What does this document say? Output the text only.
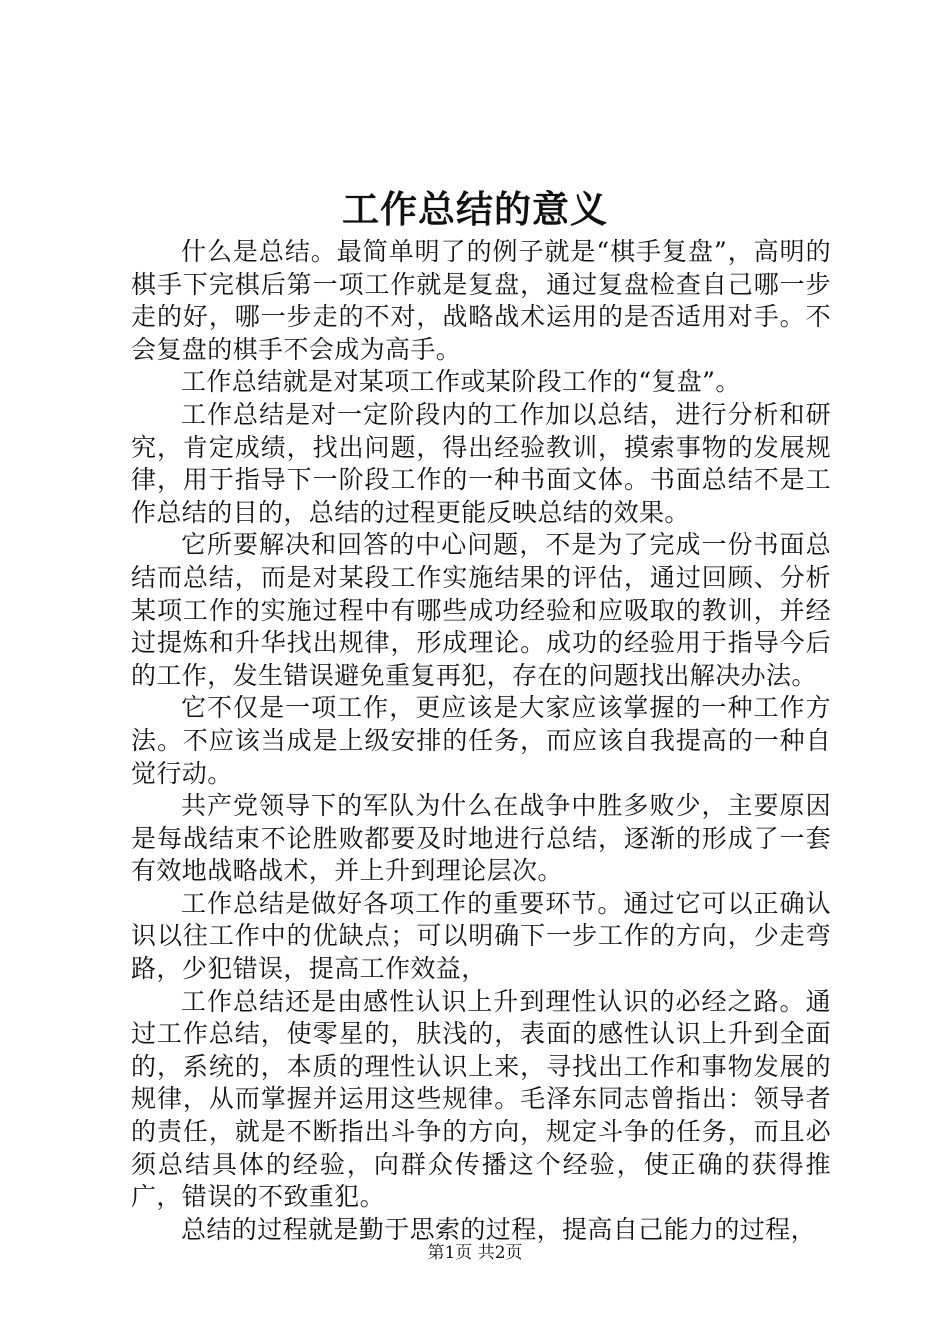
工作总结的意义

什么是总结。最简单明了的例子就是“棋手复盘”，高明的棋手下完棋后第一项工作就是复盘，通过复盘检查自己哪一步走的好，哪一步走的不对，战略战术运用的是否适用对手。不会复盘的棋手不会成为高手。

工作总结就是对某项工作或某阶段工作的“复盘”。

工作总结是对一定阶段内的工作加以总结，进行分析和研究，肯定成绩，找出问题，得出经验教训，摸索事物的发展规律，用于指导下一阶段工作的一种书面文体。书面总结不是工作总结的目的，总结的过程更能反映总结的效果。

它所要解决和回答的中心问题，不是为了完成一份书面总结而总结，而是对某段工作实施结果的评估，通过回顾、分析某项工作的实施过程中有哪些成功经验和应吸取的教训，并经过提炼和升华找出规律，形成理论。成功的经验用于指导今后的工作，发生错误避免重复再犯，存在的问题找出解决办法。

它不仅是一项工作，更应该是大家应该掌握的一种工作方法。不应该当成是上级安排的任务，而应该自我提高的一种自觉行动。

共产党领导下的军队为什么在战争中胜多败少，主要原因是每战结束不论胜败都要及时地进行总结，逐渐的形成了一套有效地战略战术，并上升到理论层次。

工作总结是做好各项工作的重要环节。通过它可以正确认识以往工作中的优缺点；可以明确下一步工作的方向，少走弯路，少犯错误，提高工作效益，

工作总结还是由感性认识上升到理性认识的必经之路。通过工作总结，使零星的，肤浅的，表面的感性认识上升到全面的，系统的，本质的理性认识上来，寻找出工作和事物发展的规律，从而掌握并运用这些规律。毛泽东同志曾指出：领导者的责任，就是不断指出斗争的方向，规定斗争的任务，而且必须总结具体的经验，向群众传播这个经验，使正确的获得推广，错误的不致重犯。

总结的过程就是勤于思索的过程，提高自己能力的过程，

第1页 共2页
